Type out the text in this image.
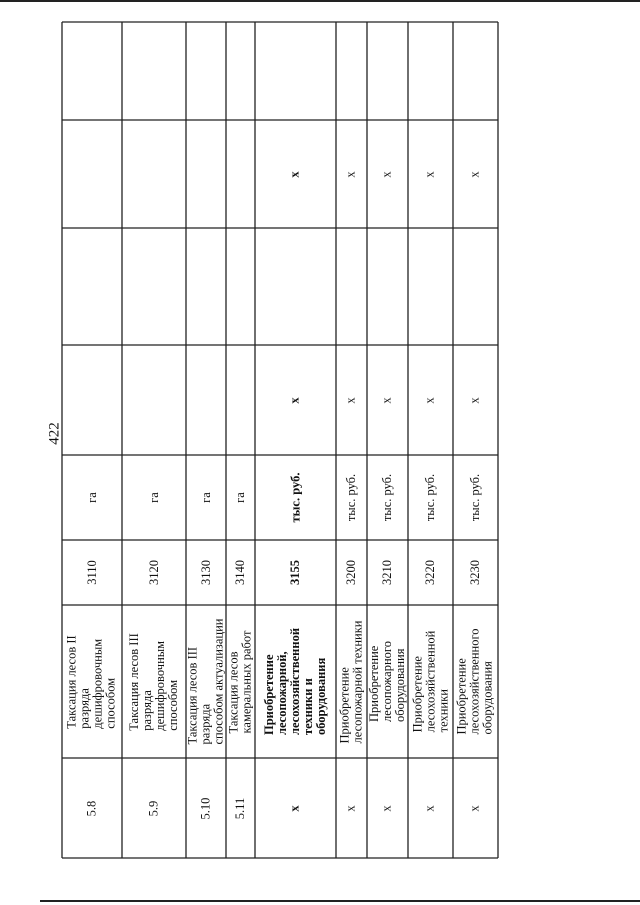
422
5.8
Таксация лесов II
разряда
дешифровочным
способом
3110
га
5.9
Таксация лесов III
разряда
дешифровочным
способом
3120
га
5.10
Таксация лесов III
разряда
способом актуализации
3130
га
5.11
Таксация лесов
камеральных работ
3140
га
x
Приобретение
лесопожарной,
лесохозяйственной
техники и
оборудования
3155
тыс. руб.
x
x
x
Приобретение
лесопожарной техники
3200
тыс. руб.
x
x
x
Приобретение
лесопожарного
оборудования
3210
тыс. руб.
x
x
x
Приобретение
лесохозяйственной
техники
3220
тыс. руб.
x
x
x
Приобретение
лесохозяйственного
оборудования
3230
тыс. руб.
x
x
